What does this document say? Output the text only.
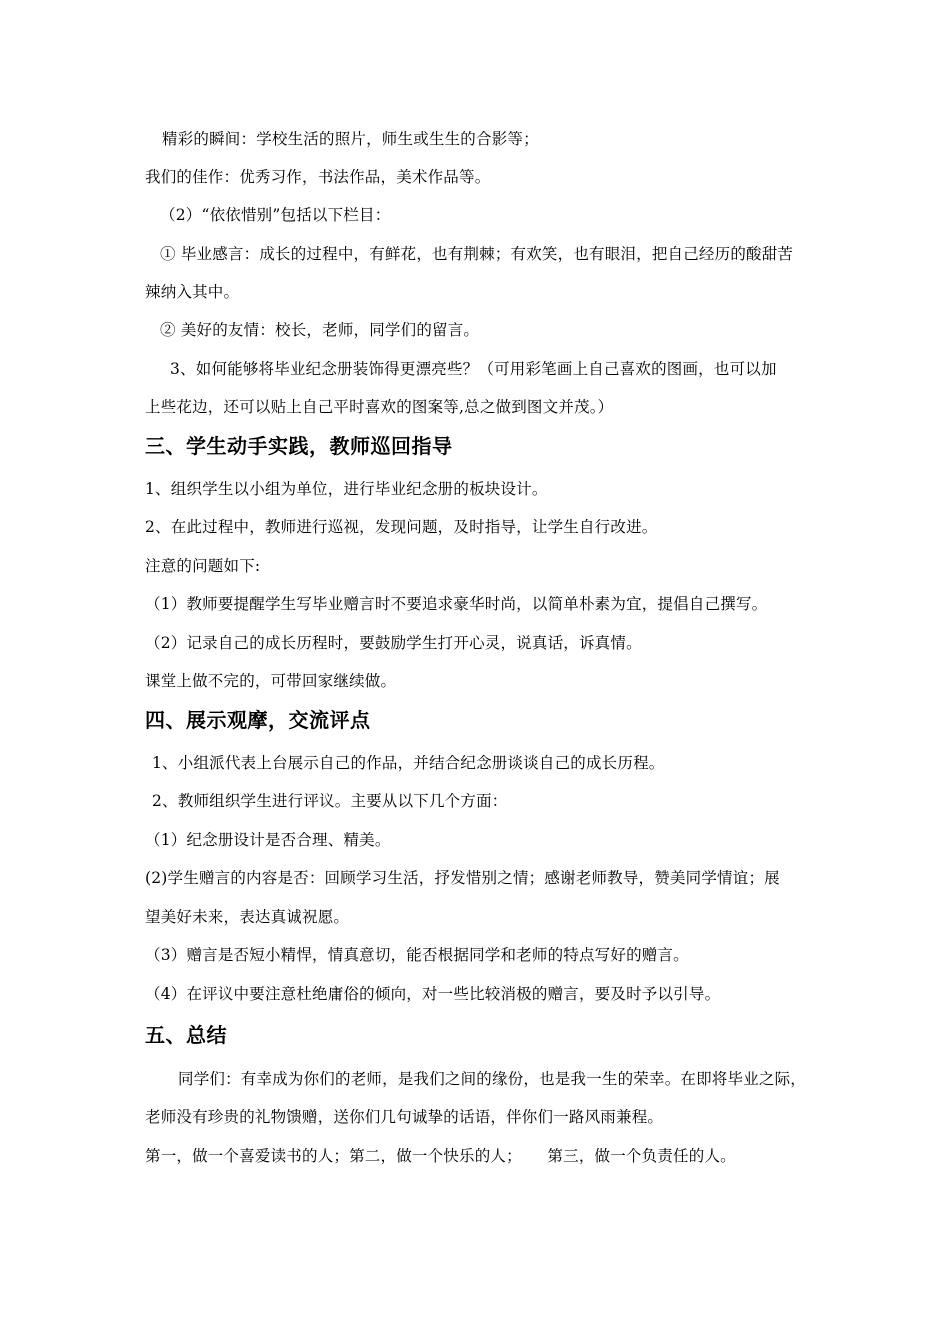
精彩的瞬间：学校生活的照片，师生或生生的合影等；
我们的佳作：优秀习作，书法作品，美术作品等。
（2）“依依惜别”包括以下栏目：
① 毕业感言：成长的过程中，有鲜花，也有荆棘；有欢笑，也有眼泪，把自己经历的酸甜苦
辣纳入其中。
② 美好的友情：校长，老师，同学们的留言。
3、如何能够将毕业纪念册装饰得更漂亮些？（可用彩笔画上自己喜欢的图画，也可以加
上些花边，还可以贴上自己平时喜欢的图案等,总之做到图文并茂。）
三、学生动手实践，教师巡回指导
1、组织学生以小组为单位，进行毕业纪念册的板块设计。
2、在此过程中，教师进行巡视，发现问题，及时指导，让学生自行改进。
注意的问题如下:
（1）教师要提醒学生写毕业赠言时不要追求豪华时尚，以简单朴素为宜，提倡自己撰写。
（2）记录自己的成长历程时，要鼓励学生打开心灵，说真话，诉真情。
课堂上做不完的，可带回家继续做。
四、展示观摩，交流评点
1、小组派代表上台展示自己的作品，并结合纪念册谈谈自己的成长历程。
2、教师组织学生进行评议。主要从以下几个方面：
（1）纪念册设计是否合理、精美。
(2)学生赠言的内容是否：回顾学习生活，抒发惜别之情；感谢老师教导，赞美同学情谊；展
望美好未来，表达真诚祝愿。
（3）赠言是否短小精悍，情真意切，能否根据同学和老师的特点写好的赠言。
（4）在评议中要注意杜绝庸俗的倾向，对一些比较消极的赠言，要及时予以引导。
五、总结
同学们：有幸成为你们的老师，是我们之间的缘份，也是我一生的荣幸。在即将毕业之际，
老师没有珍贵的礼物馈赠，送你们几句诚挚的话语，伴你们一路风雨兼程。
第一，做一个喜爱读书的人；第二，做一个快乐的人；     第三，做一个负责任的人。
